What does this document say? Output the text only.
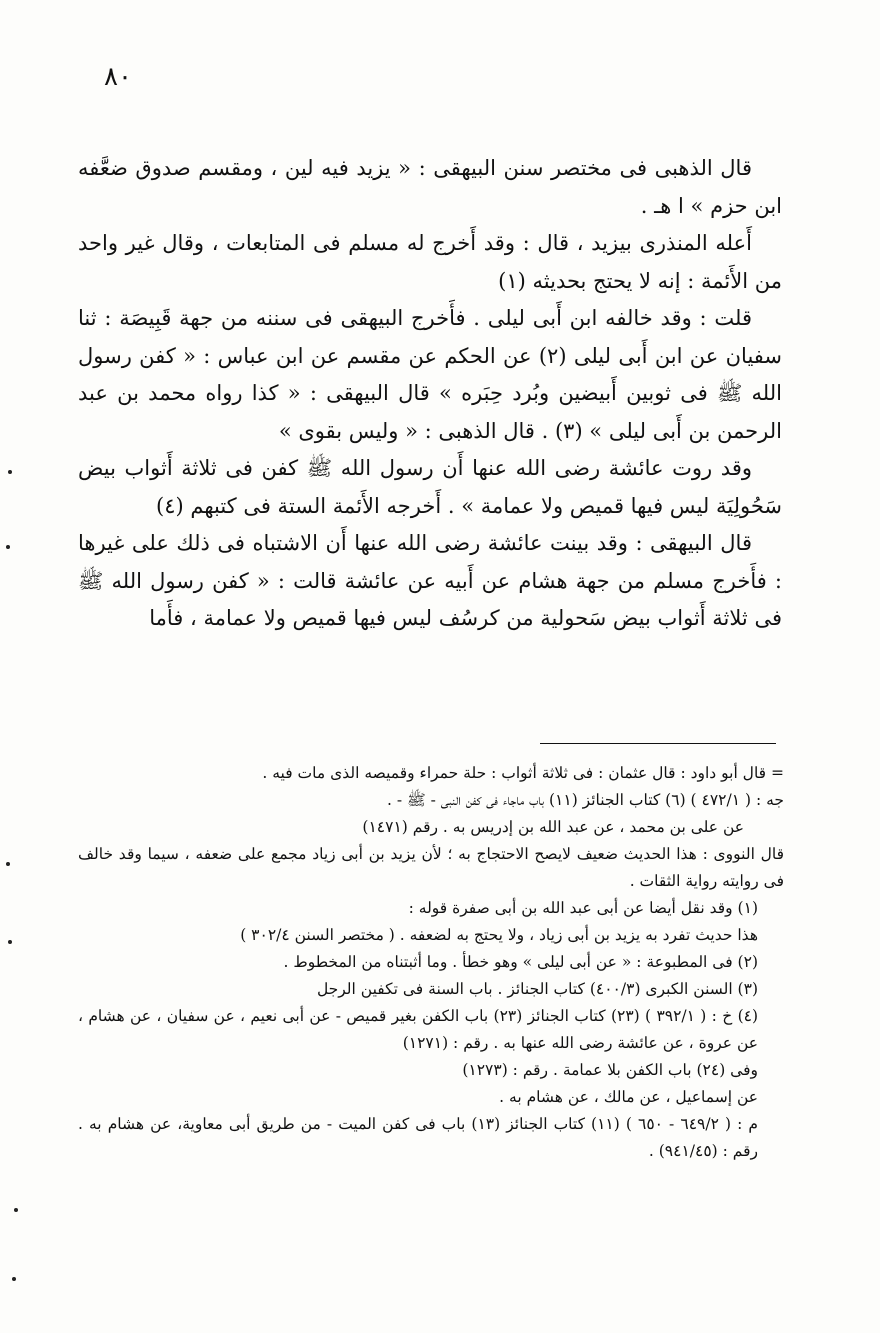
٨٠

قال الذهبى فى مختصر سنن البيهقى : « يزيد فيه لين ، ومقسم صدوق ضعَّفه ابن حزم » ا هـ .

أَعله المنذرى بيزيد ، قال : وقد أَخرج له مسلم فى المتابعات ، وقال غير واحد من الأَئمة : إنه لا يحتج بحديثه (١)

قلت : وقد خالفه ابن أَبى ليلى . فأَخرج البيهقى فى سننه من جهة قَبِيصَة : ثنا سفيان عن ابن أَبى ليلى (٢) عن الحكم عن مقسم عن ابن عباس : « كفن رسول الله ﷺ فى ثوبين أَبيضين وبُرد حِبَره » قال البيهقى : « كذا رواه محمد بن عبد الرحمن بن أَبى ليلى » (٣) . قال الذهبى : « وليس بقوى »

وقد روت عائشة رضى الله عنها أَن رسول الله ﷺ كفن فى ثلاثة أَثواب بيض سَحُولِيَة ليس فيها قميص ولا عمامة » . أَخرجه الأَئمة الستة فى كتبهم (٤)

قال البيهقى : وقد بينت عائشة رضى الله عنها أَن الاشتباه فى ذلك على غيرها : فأَخرج مسلم من جهة هشام عن أَبيه عن عائشة قالت : « كفن رسول الله ﷺ فى ثلاثة أَثواب بيض سَحولية من كرسُف ليس فيها قميص ولا عمامة ، فأَما

= قال أبو داود : قال عثمان : فى ثلاثة أثواب : حلة حمراء وقميصه الذى مات فيه .

جه : ( ٤٧٢/١ ) (٦) كتاب الجنائز (١١) باب ماجاء فى كفن النبى - ﷺ - .

عن على بن محمد ، عن عبد الله بن إدريس به . رقم (١٤٧١)

قال النووى : هذا الحديث ضعيف لايصح الاحتجاج به ؛ لأن يزيد بن أبى زياد مجمع على ضعفه ، سيما وقد خالف فى روايته رواية الثقات .

(١) وقد نقل أيضا عن أبى عبد الله بن أبى صفرة قوله :

هذا حديث تفرد به يزيد بن أبى زياد ، ولا يحتج به لضعفه . ( مختصر السنن ٣٠٢/٤ )

(٢) فى المطبوعة : « عن أبى ليلى » وهو خطأ . وما أثبتناه من المخطوط .

(٣) السنن الكبرى (٤٠٠/٣) كتاب الجنائز . باب السنة فى تكفين الرجل

(٤) خ : ( ٣٩٢/١ ) (٢٣) كتاب الجنائز (٢٣) باب الكفن بغير قميص - عن أبى نعيم ، عن سفيان ، عن هشام ، عن عروة ، عن عائشة رضى الله عنها به . رقم : (١٢٧١)

وفى (٢٤) باب الكفن بلا عمامة . رقم : (١٢٧٣)

عن إسماعيل ، عن مالك ، عن هشام به .

م : ( ٦٤٩/٢ - ٦٥٠ ) (١١) كتاب الجنائز (١٣) باب فى كفن الميت - من طريق أبى معاوية، عن هشام به . رقم : (٩٤١/٤٥) .
